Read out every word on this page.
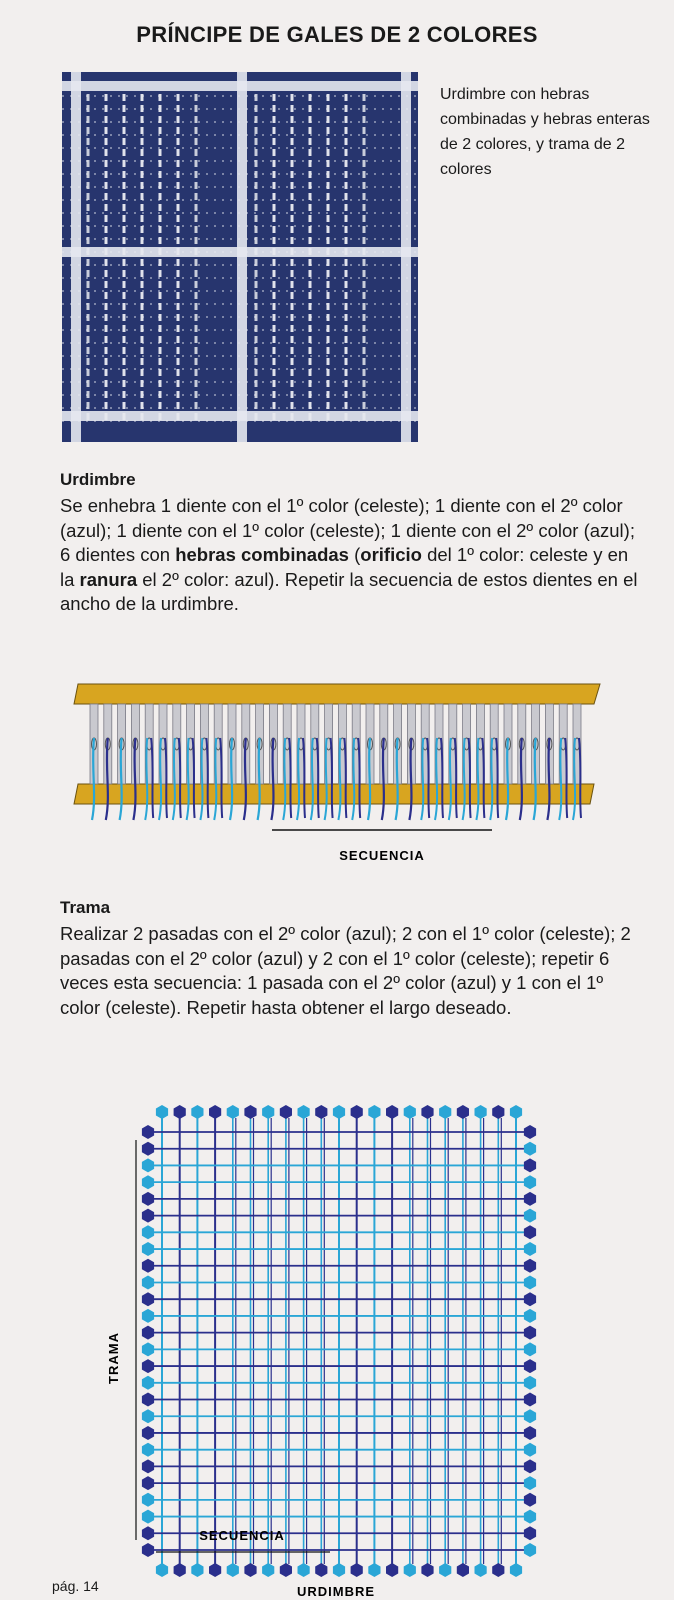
PRÍNCIPE DE GALES DE 2 COLORES
Urdimbre con hebras combinadas y hebras enteras de 2 colores, y trama de 2 colores
Urdimbre
Se enhebra 1 diente con el 1º color (celeste); 1 diente con el 2º color (azul); 1 diente con el 1º color (celeste); 1 diente con el 2º color (azul); 6 dientes con hebras combinadas (orificio del 1º color: celeste y en la ranura el 2º color: azul). Repetir la secuencia de estos dientes en el ancho de la urdimbre.
SECUENCIA
Trama
Realizar 2 pasadas con el 2º color (azul); 2 con el 1º color (celeste); 2 pasadas con el 2º color (azul) y 2 con el 1º color (celeste); repetir 6 veces esta secuencia: 1 pasada con el 2º color (azul) y 1 con el 1º color (celeste). Repetir hasta obtener el largo deseado.
TRAMA
SECUENCIA
URDIMBRE
pág. 14
